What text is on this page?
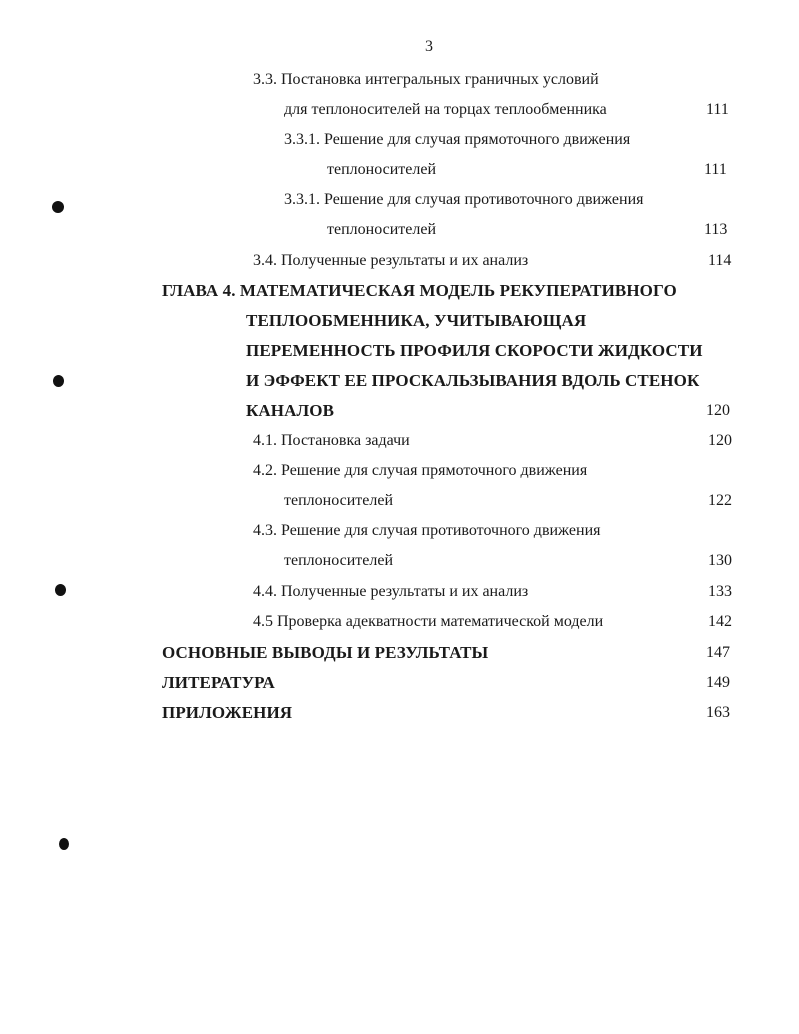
3
3.3. Постановка интегральных граничных условий
для теплоносителей на торцах теплообменника	111
3.3.1. Решение для случая прямоточного движения
теплоносителей	111
3.3.1. Решение для случая противоточного движения
теплоносителей	113
3.4. Полученные результаты и их анализ	114
ГЛАВА 4. МАТЕМАТИЧЕСКАЯ МОДЕЛЬ РЕКУПЕРАТИВНОГО
ТЕПЛООБМЕННИКА, УЧИТЫВАЮЩАЯ
ПЕРЕМЕННОСТЬ ПРОФИЛЯ СКОРОСТИ ЖИДКОСТИ
И ЭФФЕКТ ЕЕ ПРОСКАЛЬЗЫВАНИЯ ВДОЛЬ СТЕНОК
КАНАЛОВ	120
4.1. Постановка задачи	120
4.2. Решение для случая прямоточного движения
теплоносителей	122
4.3. Решение для случая противоточного движения
теплоносителей	130
4.4. Полученные результаты и их анализ	133
4.5 Проверка адекватности математической модели	142
ОСНОВНЫЕ ВЫВОДЫ И РЕЗУЛЬТАТЫ	147
ЛИТЕРАТУРА	149
ПРИЛОЖЕНИЯ	163
